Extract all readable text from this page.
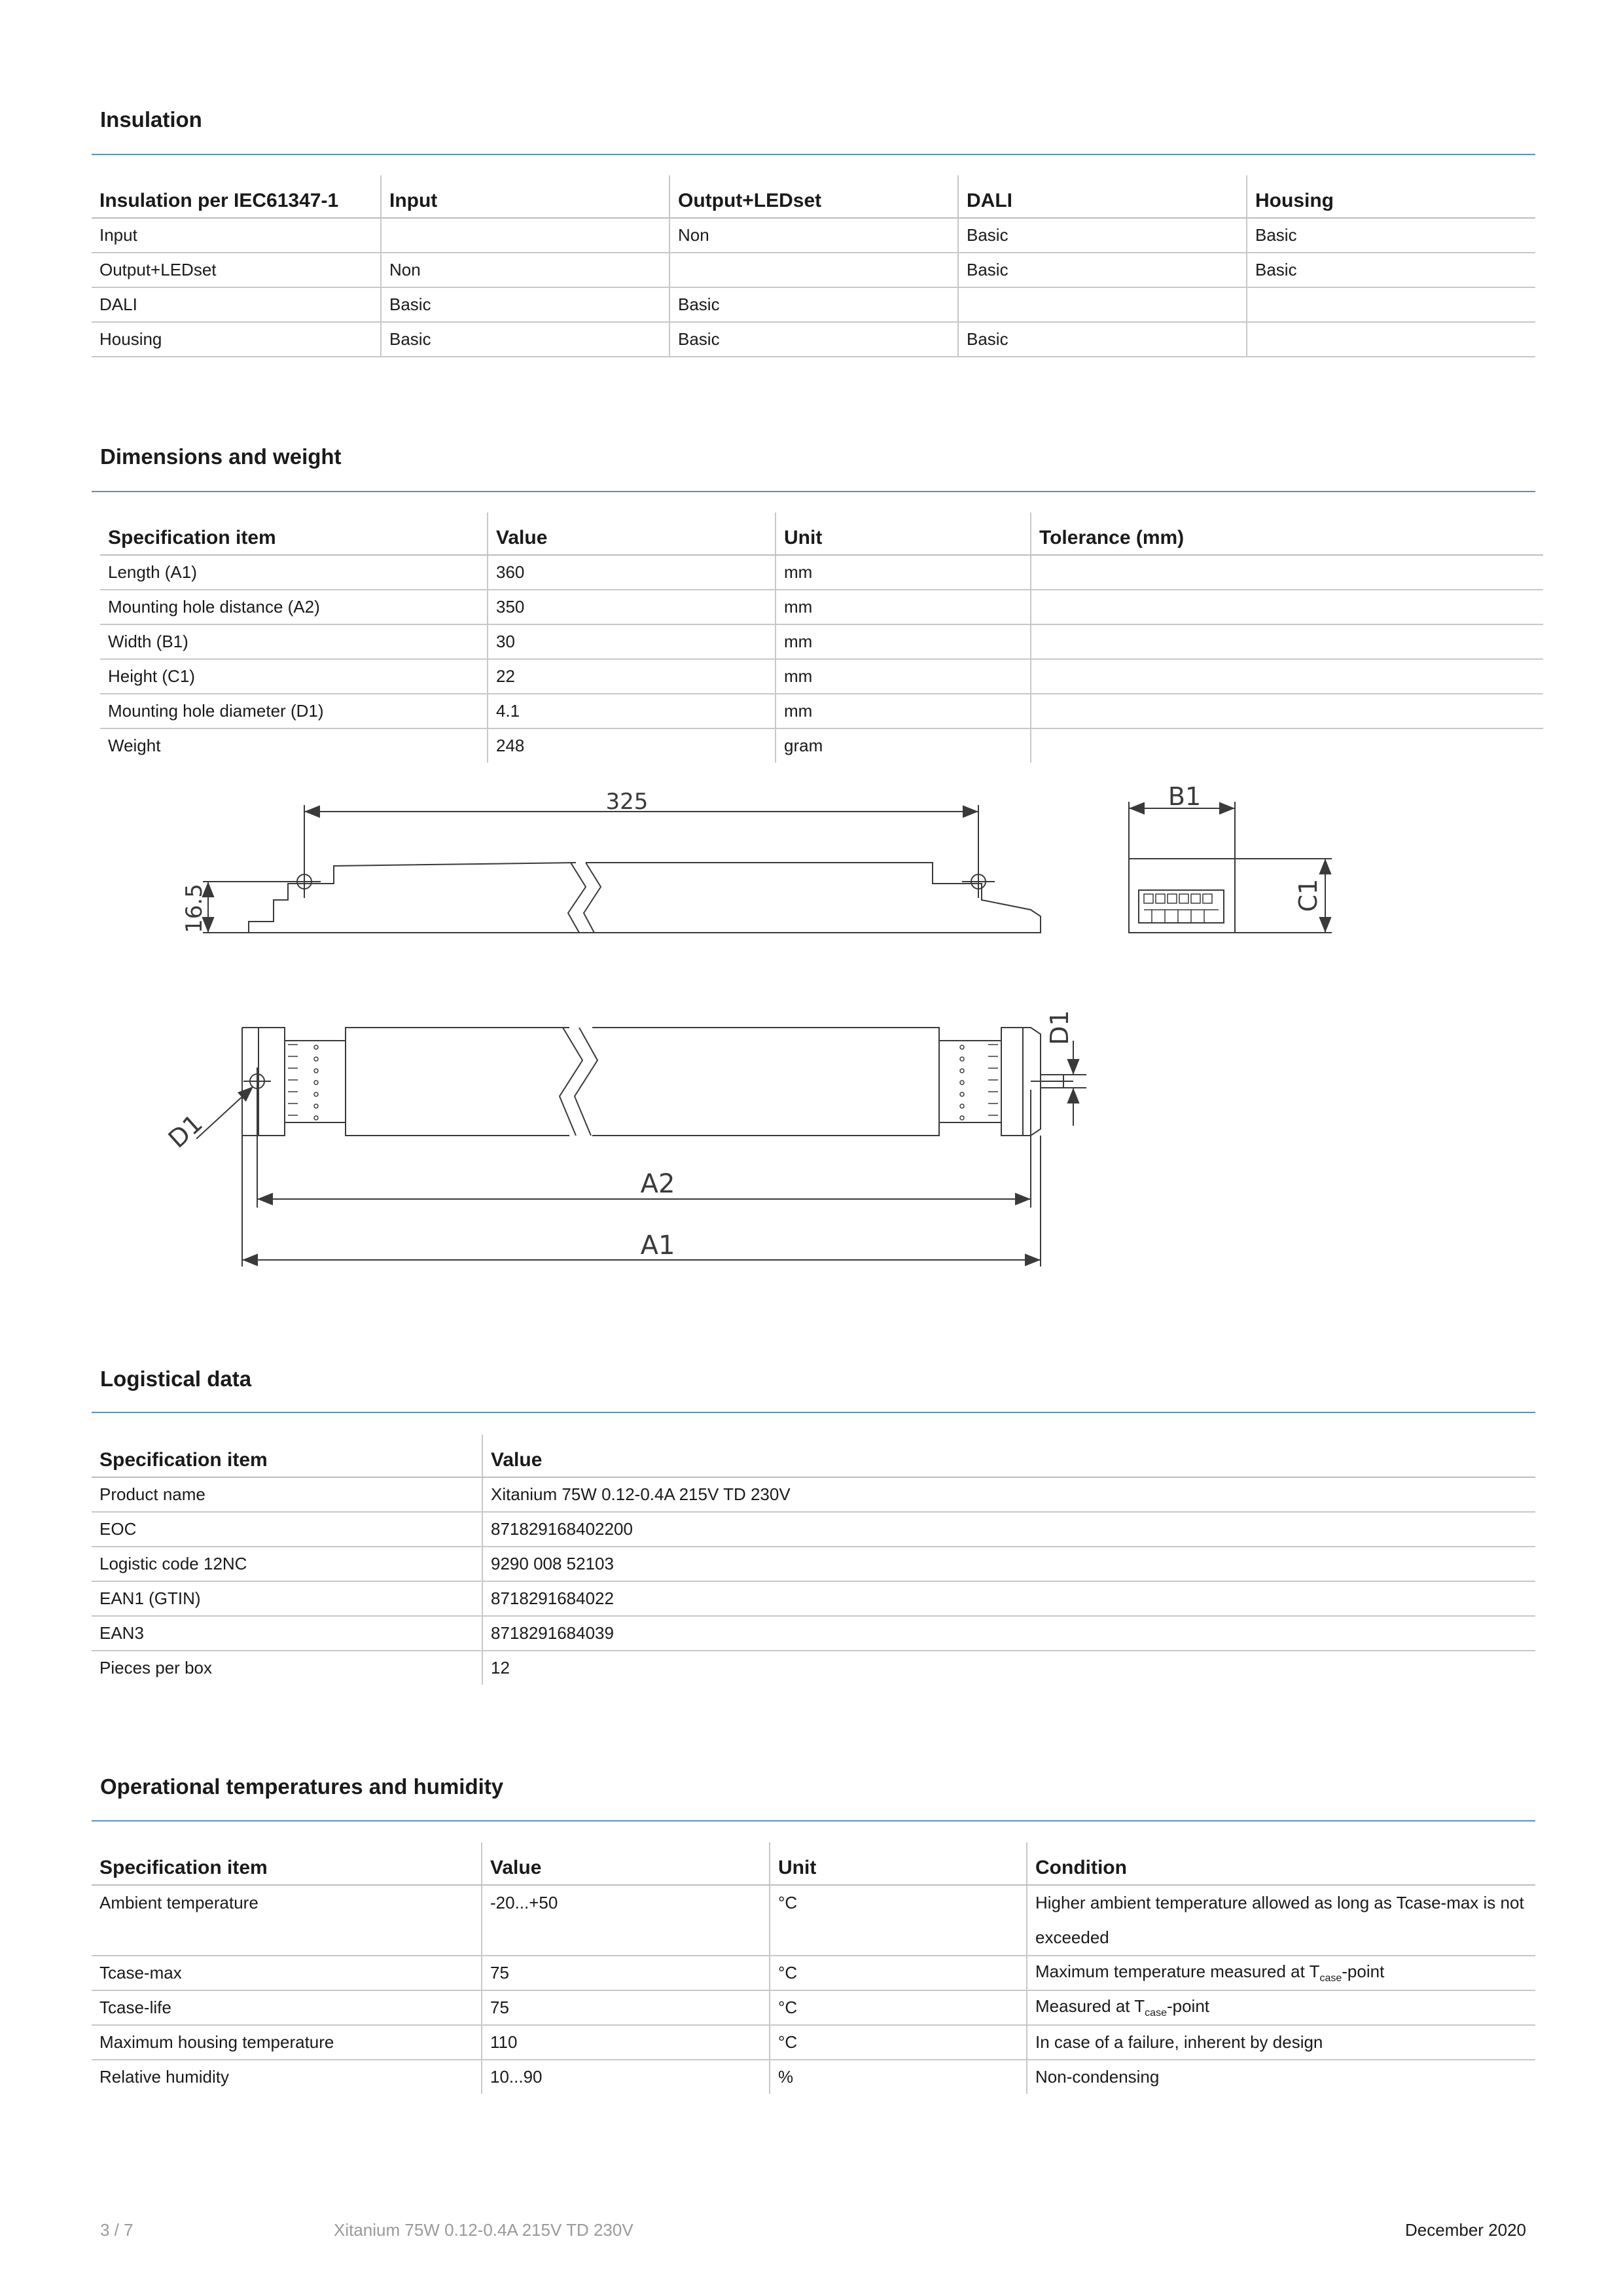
Insulation
Insulation per IEC61347-1	Input	Output+LEDset	DALI	Housing
Input		Non	Basic	Basic
Output+LEDset	Non		Basic	Basic
DALI	Basic	Basic		
Housing	Basic	Basic	Basic	
Dimensions and weight
Specification item	Value	Unit	Tolerance (mm)
Length (A1)	360	mm	
Mounting hole distance (A2)	350	mm	
Width (B1)	30	mm	
Height (C1)	22	mm	
Mounting hole diameter (D1)	4.1	mm	
Weight	248	gram	
325
16.5
B1
C1
D1
D1
A2
A1
Logistical data
Specification item	Value
Product name	Xitanium 75W 0.12-0.4A 215V TD 230V
EOC	871829168402200
Logistic code 12NC	9290 008 52103
EAN1 (GTIN)	8718291684022
EAN3	8718291684039
Pieces per box	12
Operational temperatures and humidity
Specification item	Value	Unit	Condition
Ambient temperature	-20...+50	°C	Higher ambient temperature allowed as long as Tcase-max is not exceeded
Tcase-max	75	°C	Maximum temperature measured at $T_{case}$-point
Tcase-life	75	°C	Measured at $T_{case}$-point
Maximum housing temperature	110	°C	In case of a failure, inherent by design
Relative humidity	10...90	%	Non-condensing
3 / 7	Xitanium 75W 0.12-0.4A 215V TD 230V	December 2020
